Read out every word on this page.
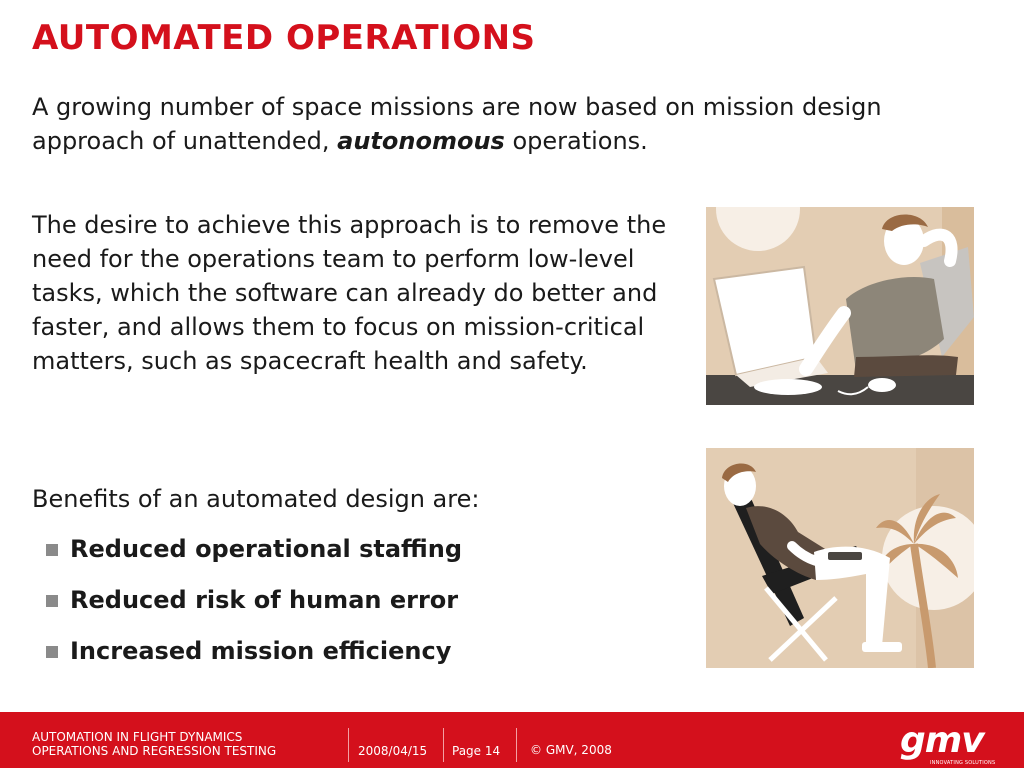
AUTOMATED OPERATIONS

A growing number of space missions are now based on mission design approach of unattended, autonomous operations.

The desire to achieve this approach is to remove the need for the operations team to perform low-level tasks, which the software can already do better and faster, and allows them to focus on mission-critical matters, such as spacecraft health and safety.

Benefits of an automated design are:

Reduced operational staffing
Reduced risk of human error
Increased mission efficiency
AUTOMATION IN FLIGHT DYNAMICS
OPERATIONS AND REGRESSION TESTING	2008/04/15 Page 14 © GMV, 2008	gmv
INNOVATING SOLUTIONS
